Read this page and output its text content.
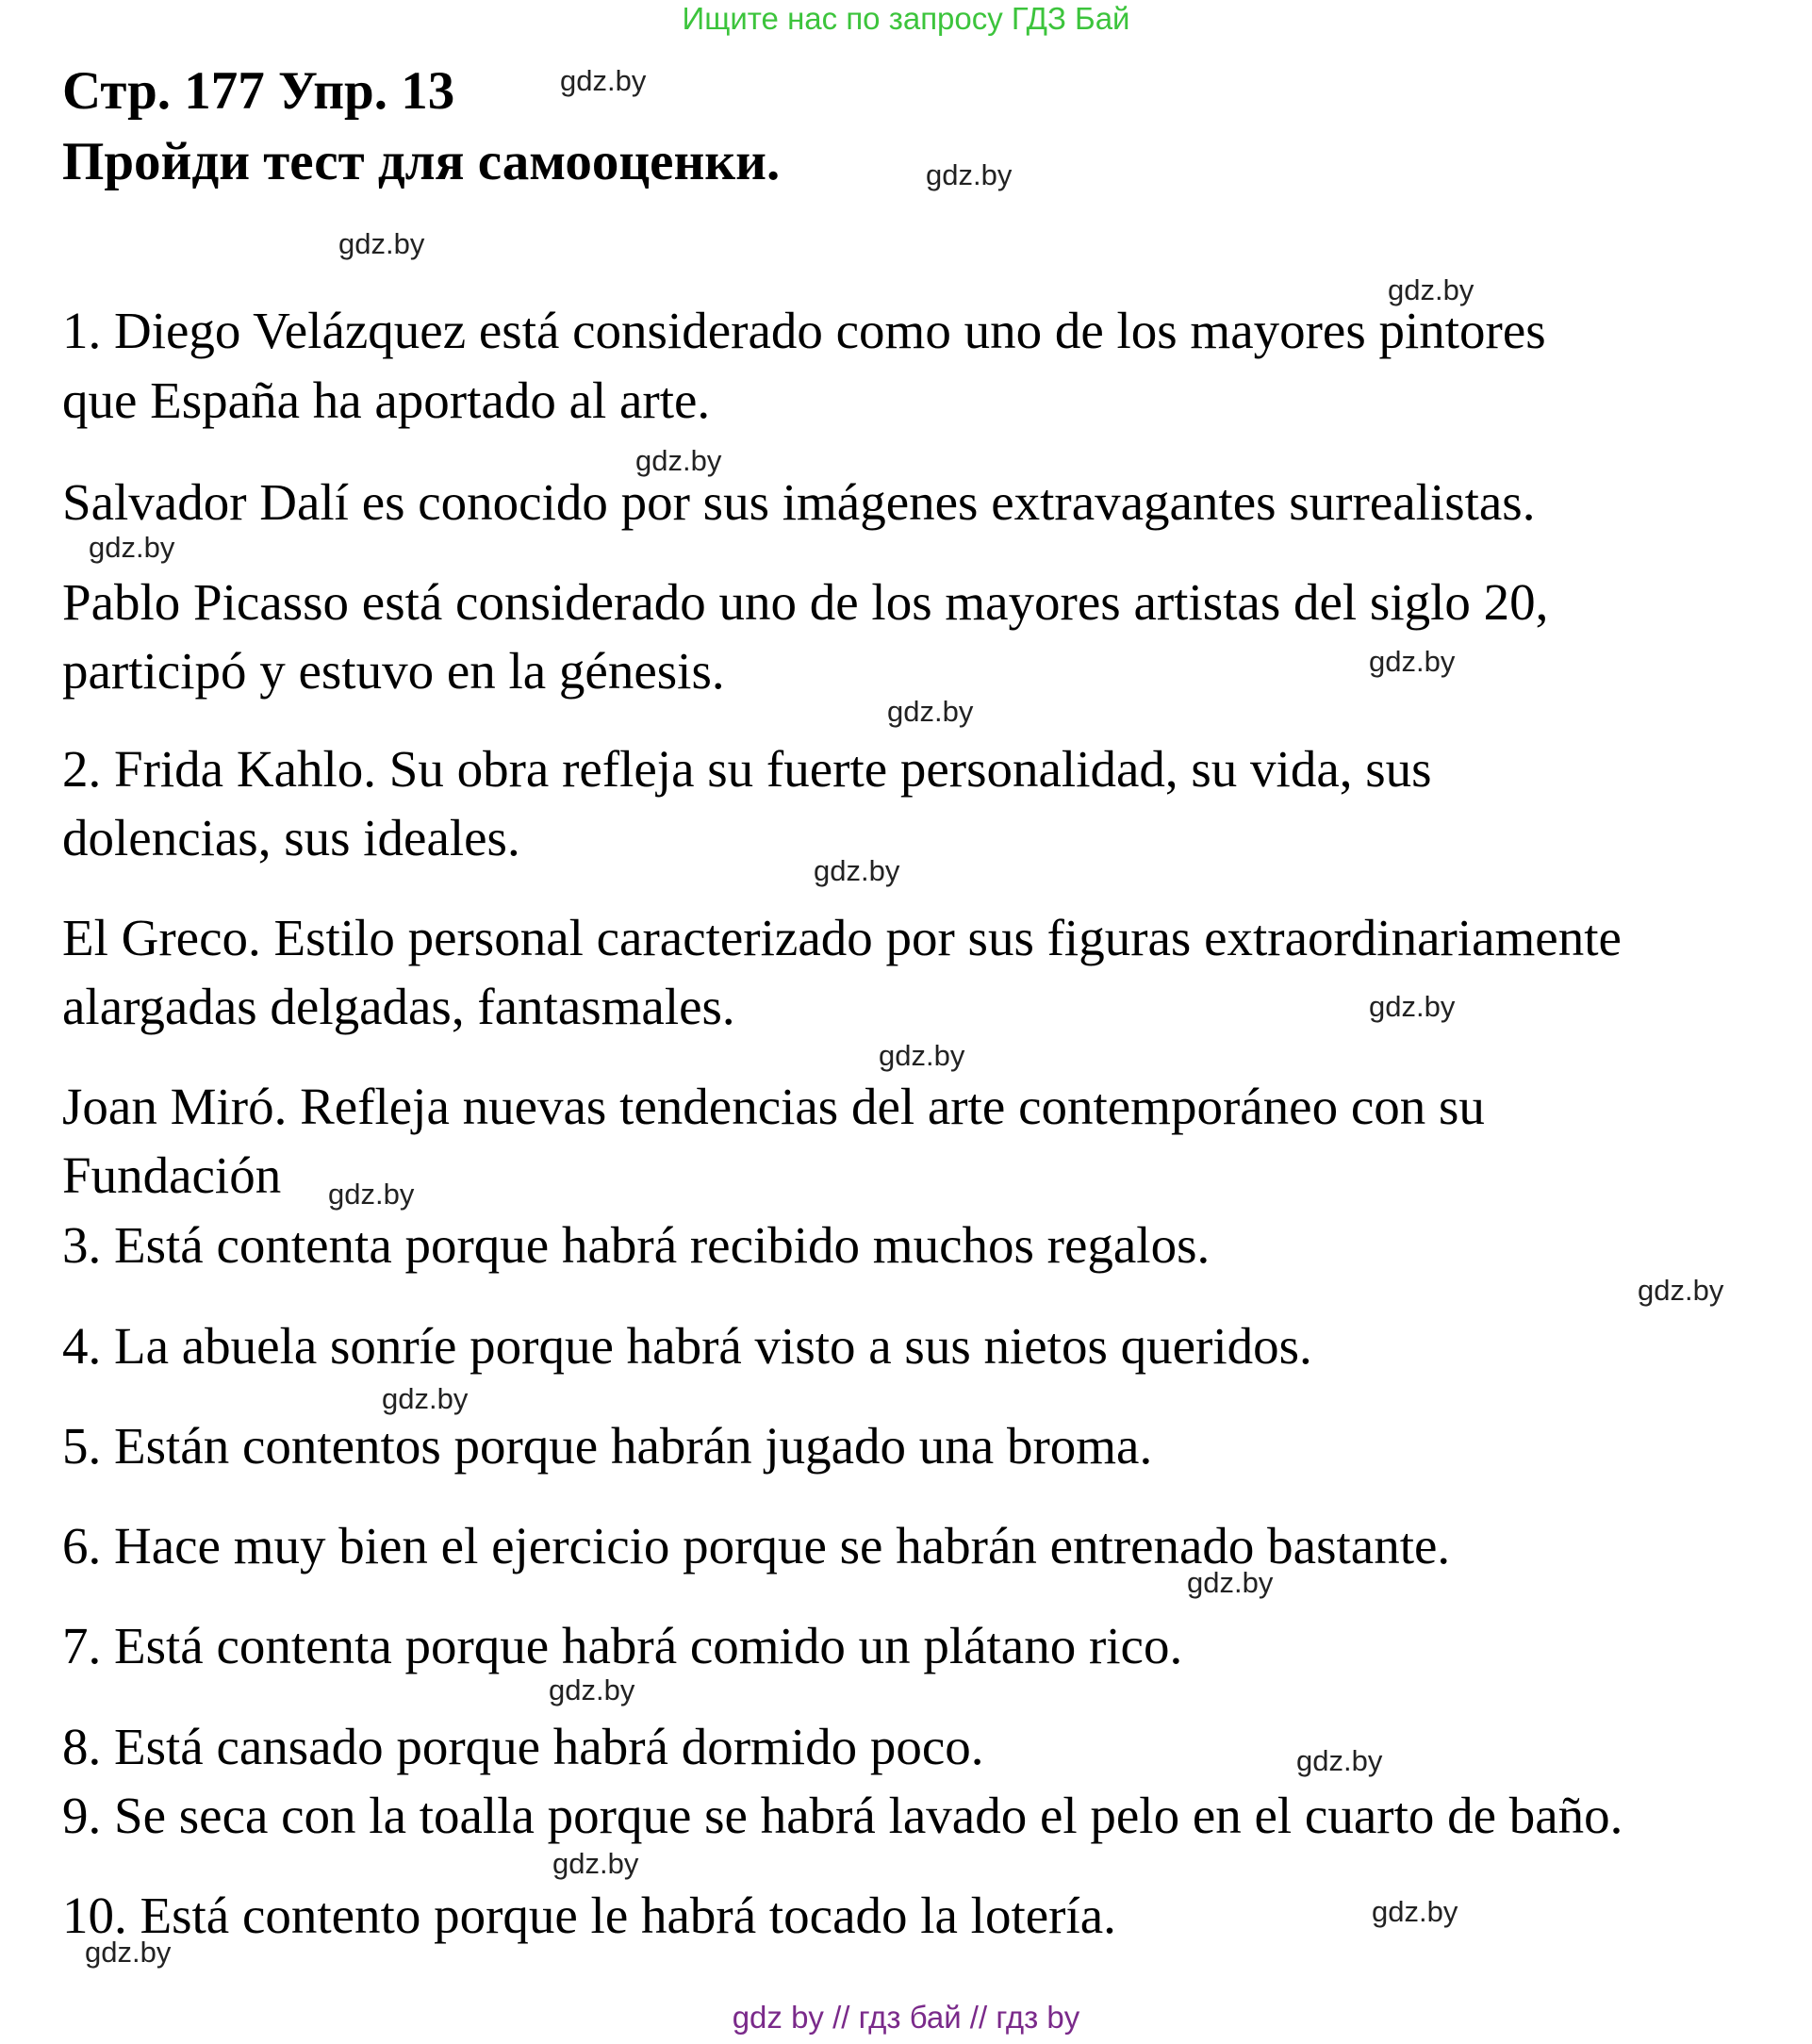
Ищите нас по запросу ГДЗ Бай
Стр. 177 Упр. 13
Пройди тест для самооценки.
1. Diego Velázquez está considerado como uno de los mayores pintores
que España ha aportado al arte.
Salvador Dalí es conocido por sus imágenes extravagantes surrealistas.
Pablo Picasso está considerado uno de los mayores artistas del siglo 20,
participó y estuvo en la génesis.
2. Frida Kahlo. Su obra refleja su fuerte personalidad, su vida, sus
dolencias, sus ideales.
El Greco. Estilo personal caracterizado por sus figuras extraordinariamente
alargadas delgadas, fantasmales.
Joan Miró. Refleja nuevas tendencias del arte contemporáneo con su
Fundación
3. Está contenta porque habrá recibido muchos regalos.
4. La abuela sonríe porque habrá visto a sus nietos queridos.
5. Están contentos porque habrán jugado una broma.
6. Hace muy bien el ejercicio porque se habrán entrenado bastante.
7. Está contenta porque habrá comido un plátano rico.
8. Está cansado porque habrá dormido poco.
9. Se seca con la toalla porque se habrá lavado el pelo en el cuarto de baño.
10. Está contento porque le habrá tocado la lotería.
gdz.by
gdz.by
gdz.by
gdz.by
gdz.by
gdz.by
gdz.by
gdz.by
gdz.by
gdz.by
gdz.by
gdz.by
gdz.by
gdz.by
gdz.by
gdz.by
gdz.by
gdz.by
gdz.by
gdz.by
gdz by // гдз бай // гдз by
